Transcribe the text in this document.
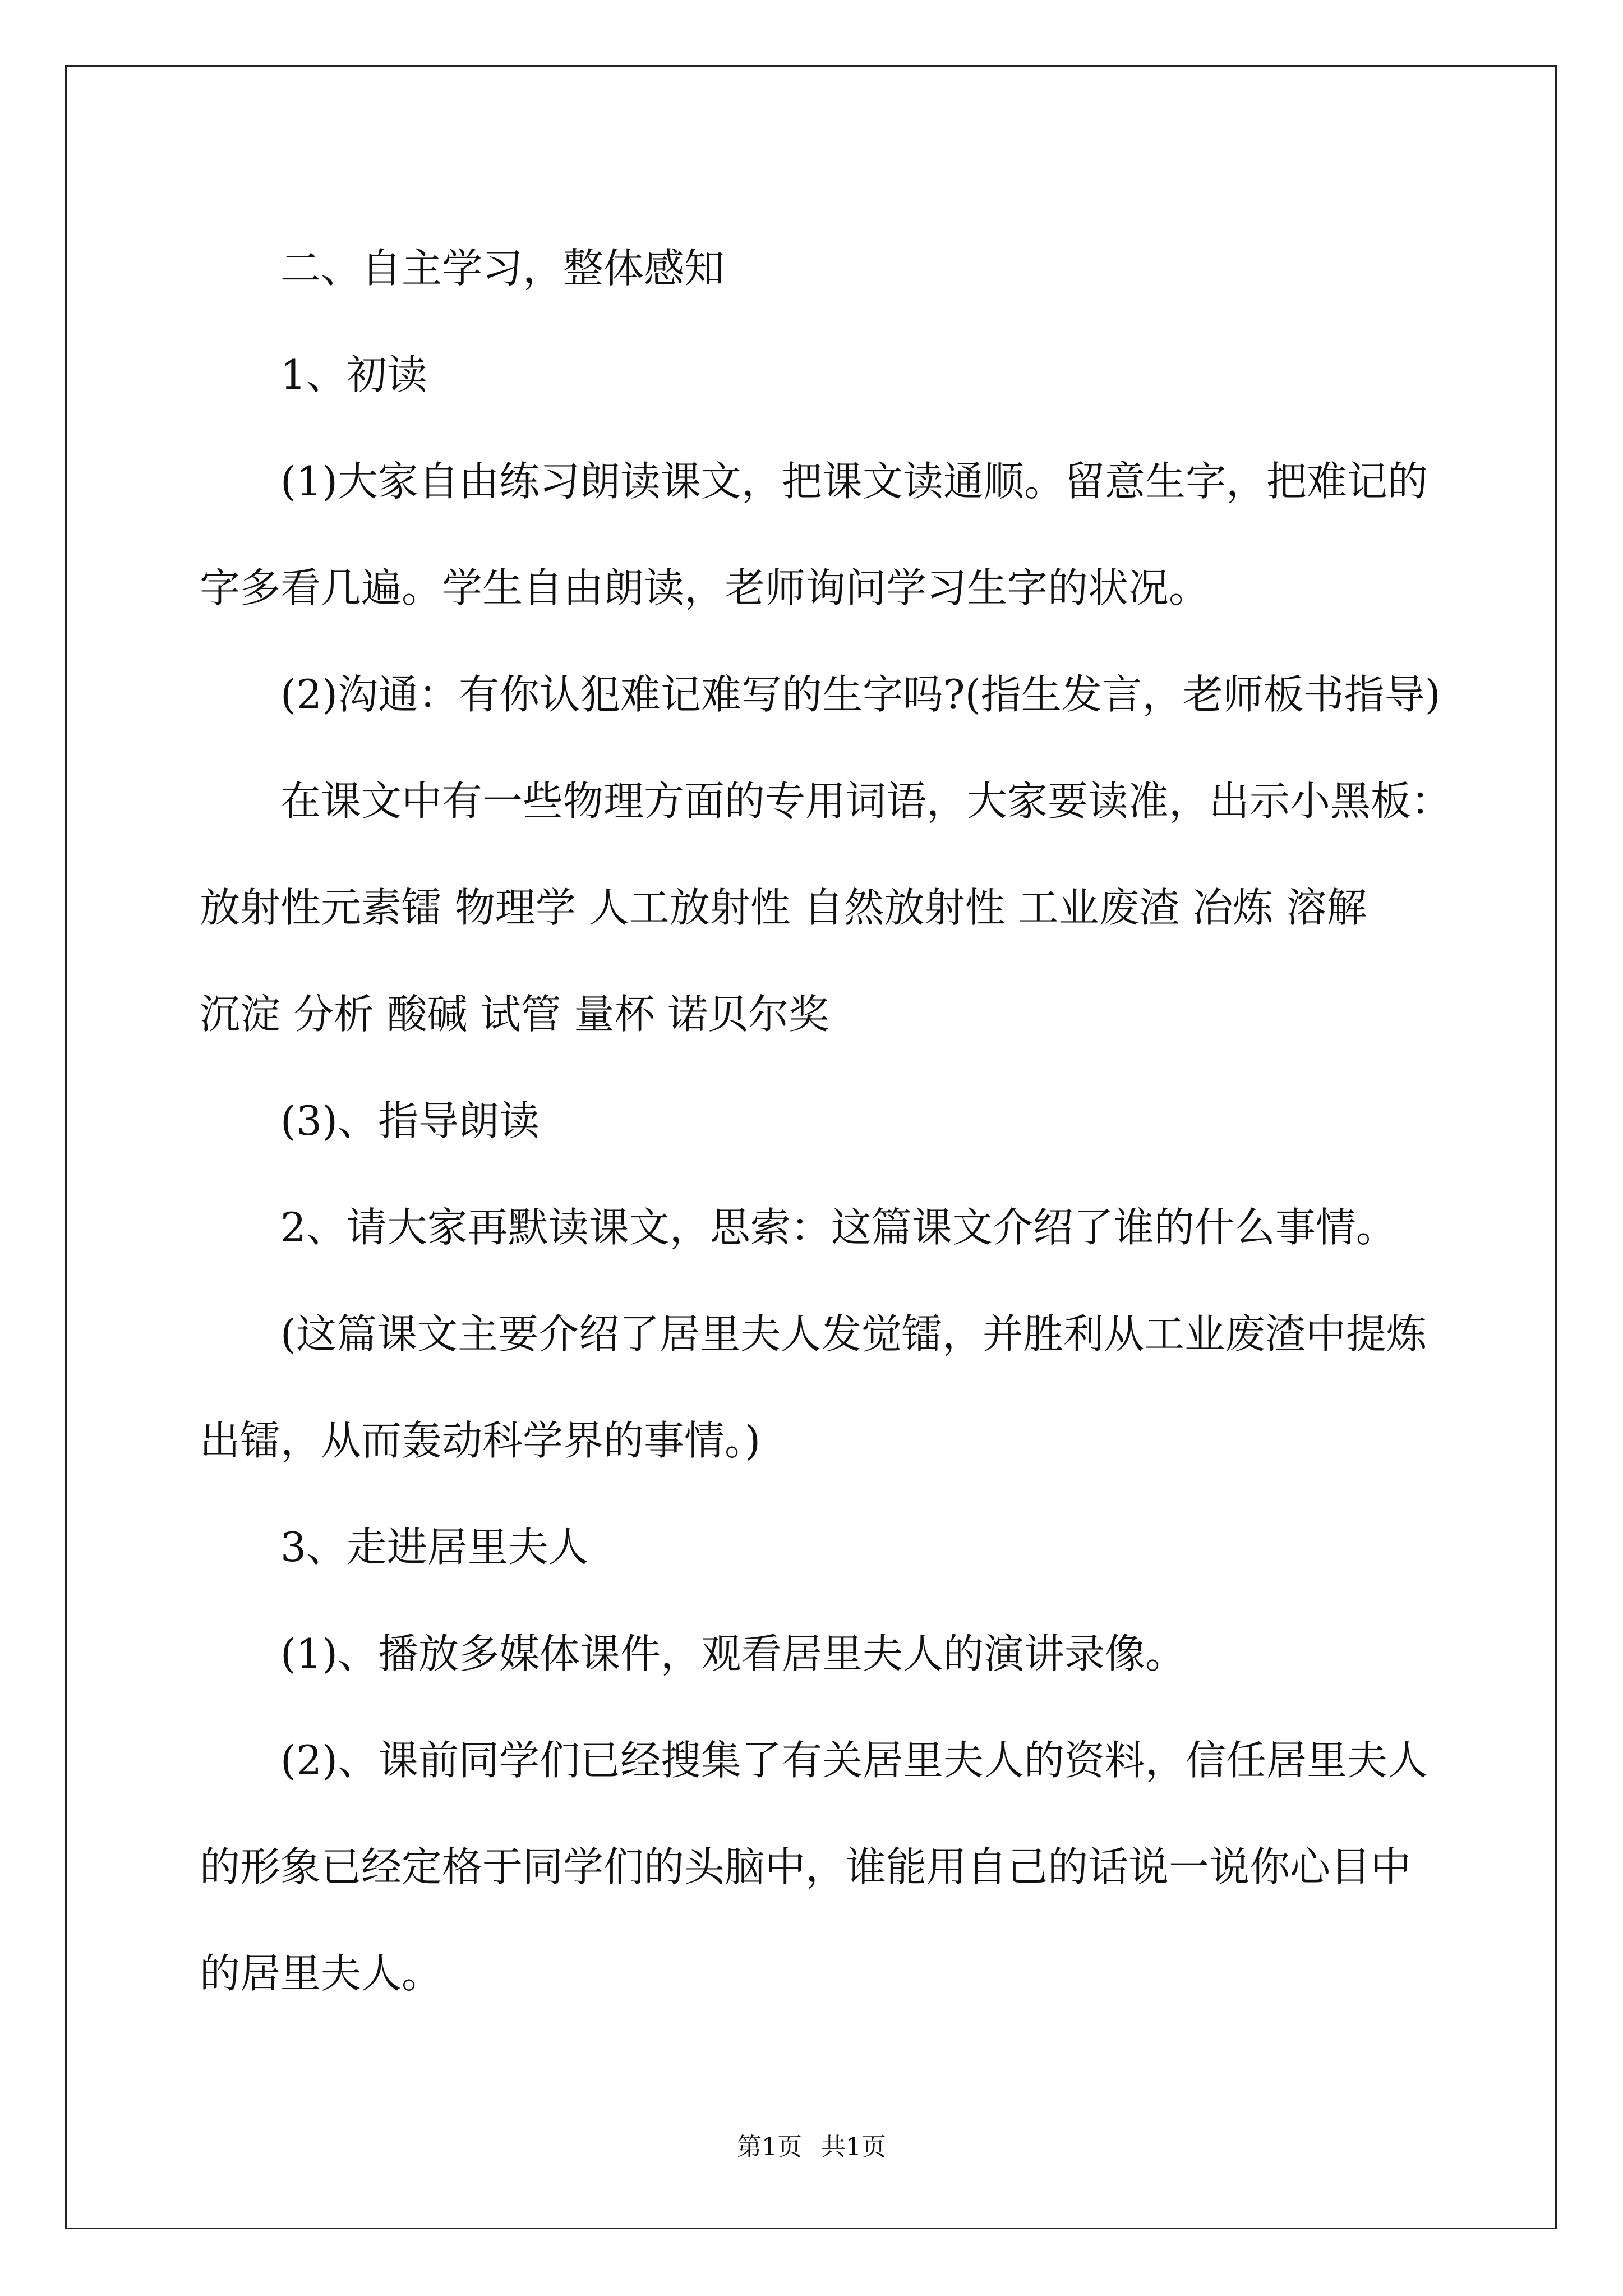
二、自主学习，整体感知

1、初读

(1)大家自由练习朗读课文，把课文读通顺。留意生字，把难记的

字多看几遍。学生自由朗读，老师询问学习生字的状况。

(2)沟通：有你认犯难记难写的生字吗?(指生发言，老师板书指导)

在课文中有一些物理方面的专用词语，大家要读准，出示小黑板：

放射性元素镭 物理学 人工放射性 自然放射性 工业废渣 冶炼 溶解

沉淀 分析 酸碱 试管 量杯 诺贝尔奖

(3)、指导朗读

2、请大家再默读课文，思索：这篇课文介绍了谁的什么事情。

(这篇课文主要介绍了居里夫人发觉镭，并胜利从工业废渣中提炼

出镭，从而轰动科学界的事情。)

3、走进居里夫人

(1)、播放多媒体课件，观看居里夫人的演讲录像。

(2)、课前同学们已经搜集了有关居里夫人的资料，信任居里夫人

的形象已经定格于同学们的头脑中，谁能用自己的话说一说你心目中

的居里夫人。

第1页 共1页
